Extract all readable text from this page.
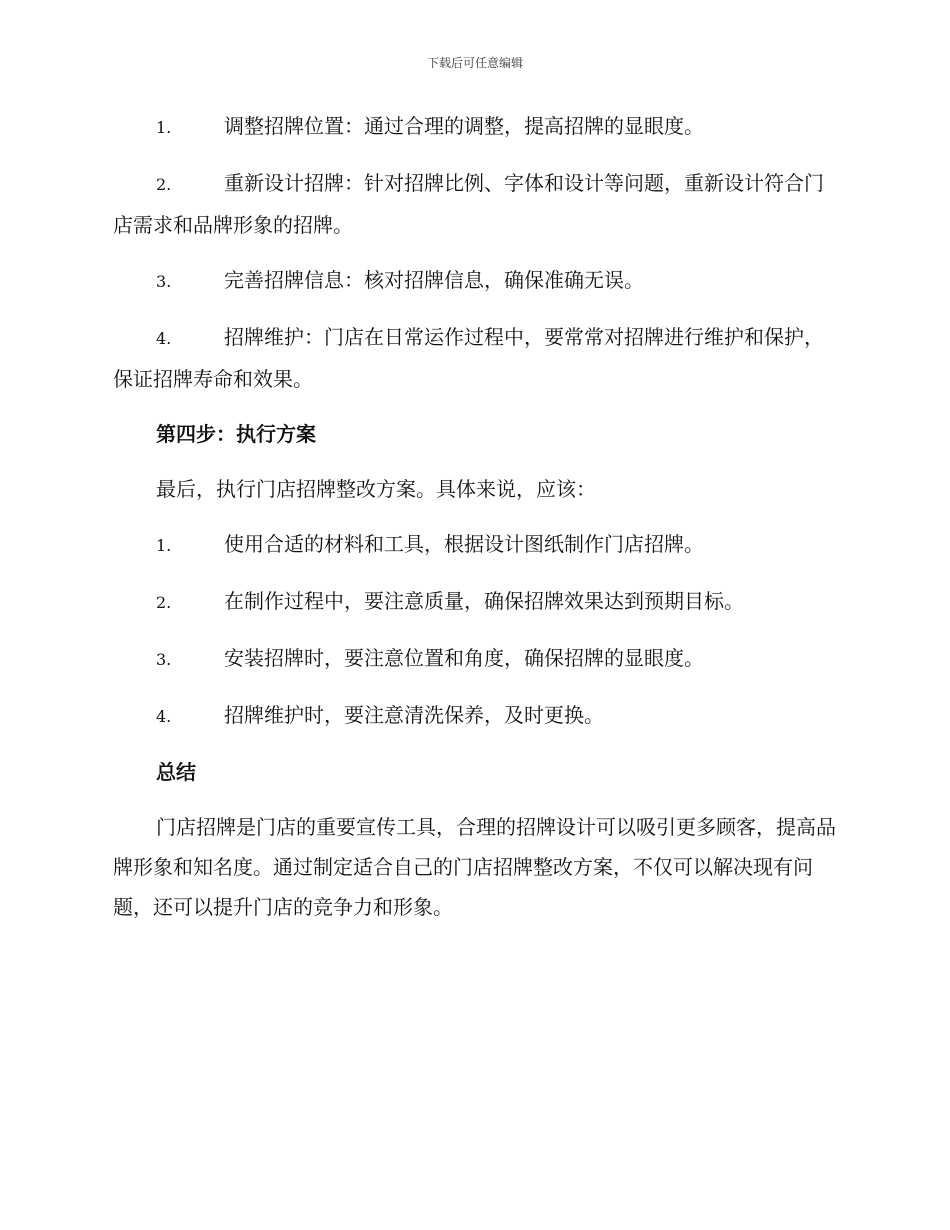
下载后可任意编辑

1.	调整招牌位置：通过合理的调整，提高招牌的显眼度。

2.	重新设计招牌：针对招牌比例、字体和设计等问题，重新设计符合门店需求和品牌形象的招牌。

3.	完善招牌信息：核对招牌信息，确保准确无误。

4.	招牌维护：门店在日常运作过程中，要常常对招牌进行维护和保护，保证招牌寿命和效果。

第四步：执行方案

最后，执行门店招牌整改方案。具体来说，应该：

1.	使用合适的材料和工具，根据设计图纸制作门店招牌。

2.	在制作过程中，要注意质量，确保招牌效果达到预期目标。

3.	安装招牌时，要注意位置和角度，确保招牌的显眼度。

4.	招牌维护时，要注意清洗保养，及时更换。

总结

门店招牌是门店的重要宣传工具，合理的招牌设计可以吸引更多顾客，提高品牌形象和知名度。通过制定适合自己的门店招牌整改方案，不仅可以解决现有问题，还可以提升门店的竞争力和形象。
